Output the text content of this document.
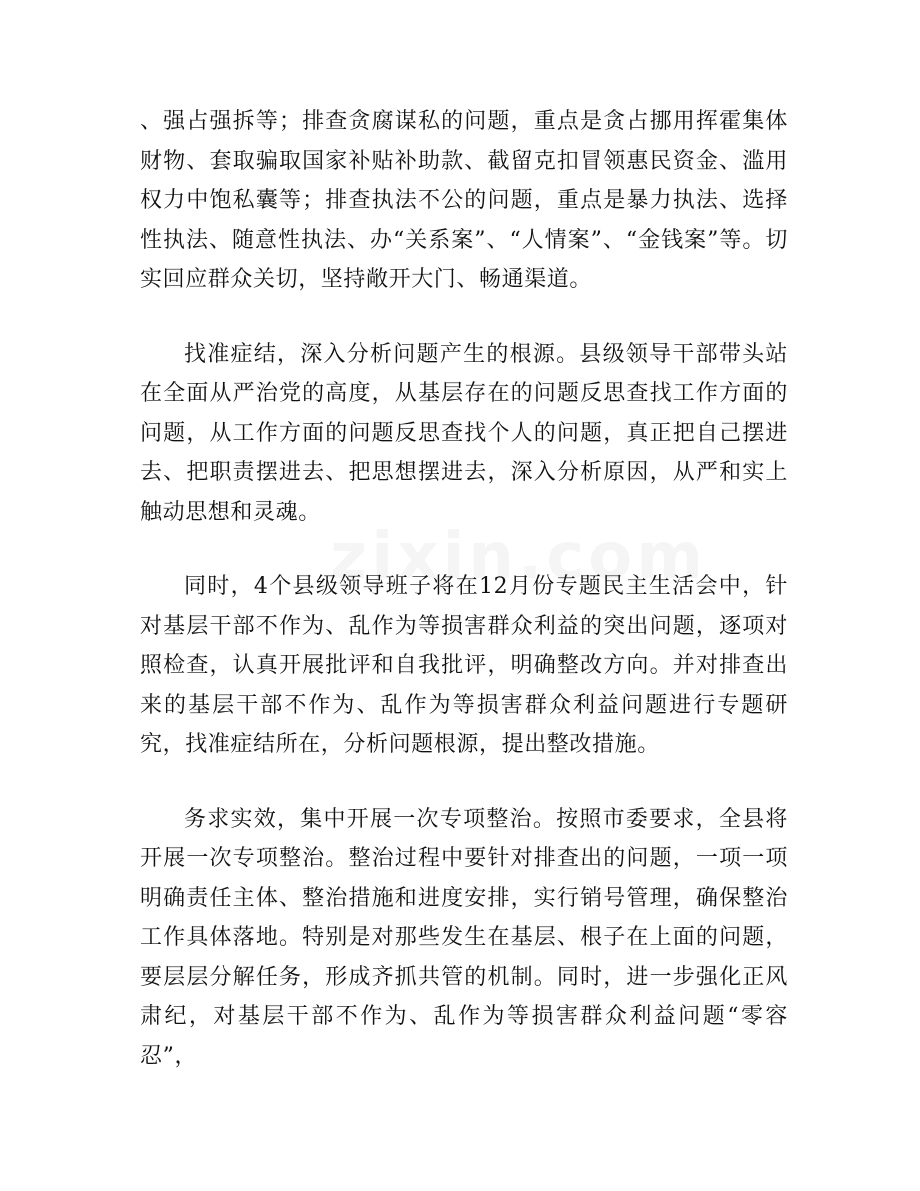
、强占强拆等；排查贪腐谋私的问题，重点是贪占挪用挥霍集体财物、套取骗取国家补贴补助款、截留克扣冒领惠民资金、滥用权力中饱私囊等；排查执法不公的问题，重点是暴力执法、选择性执法、随意性执法、办“关系案”、“人情案”、“金钱案”等。切实回应群众关切，坚持敞开大门、畅通渠道。

找准症结，深入分析问题产生的根源。县级领导干部带头站在全面从严治党的高度，从基层存在的问题反思查找工作方面的问题，从工作方面的问题反思查找个人的问题，真正把自己摆进去、把职责摆进去、把思想摆进去，深入分析原因，从严和实上触动思想和灵魂。

同时，4个县级领导班子将在12月份专题民主生活会中，针对基层干部不作为、乱作为等损害群众利益的突出问题，逐项对照检查，认真开展批评和自我批评，明确整改方向。并对排查出来的基层干部不作为、乱作为等损害群众利益问题进行专题研究，找准症结所在，分析问题根源，提出整改措施。

务求实效，集中开展一次专项整治。按照市委要求，全县将开展一次专项整治。整治过程中要针对排查出的问题，一项一项明确责任主体、整治措施和进度安排，实行销号管理，确保整治工作具体落地。特别是对那些发生在基层、根子在上面的问题，要层层分解任务，形成齐抓共管的机制。同时，进一步强化正风肃纪，对基层干部不作为、乱作为等损害群众利益问题“零容忍”，
